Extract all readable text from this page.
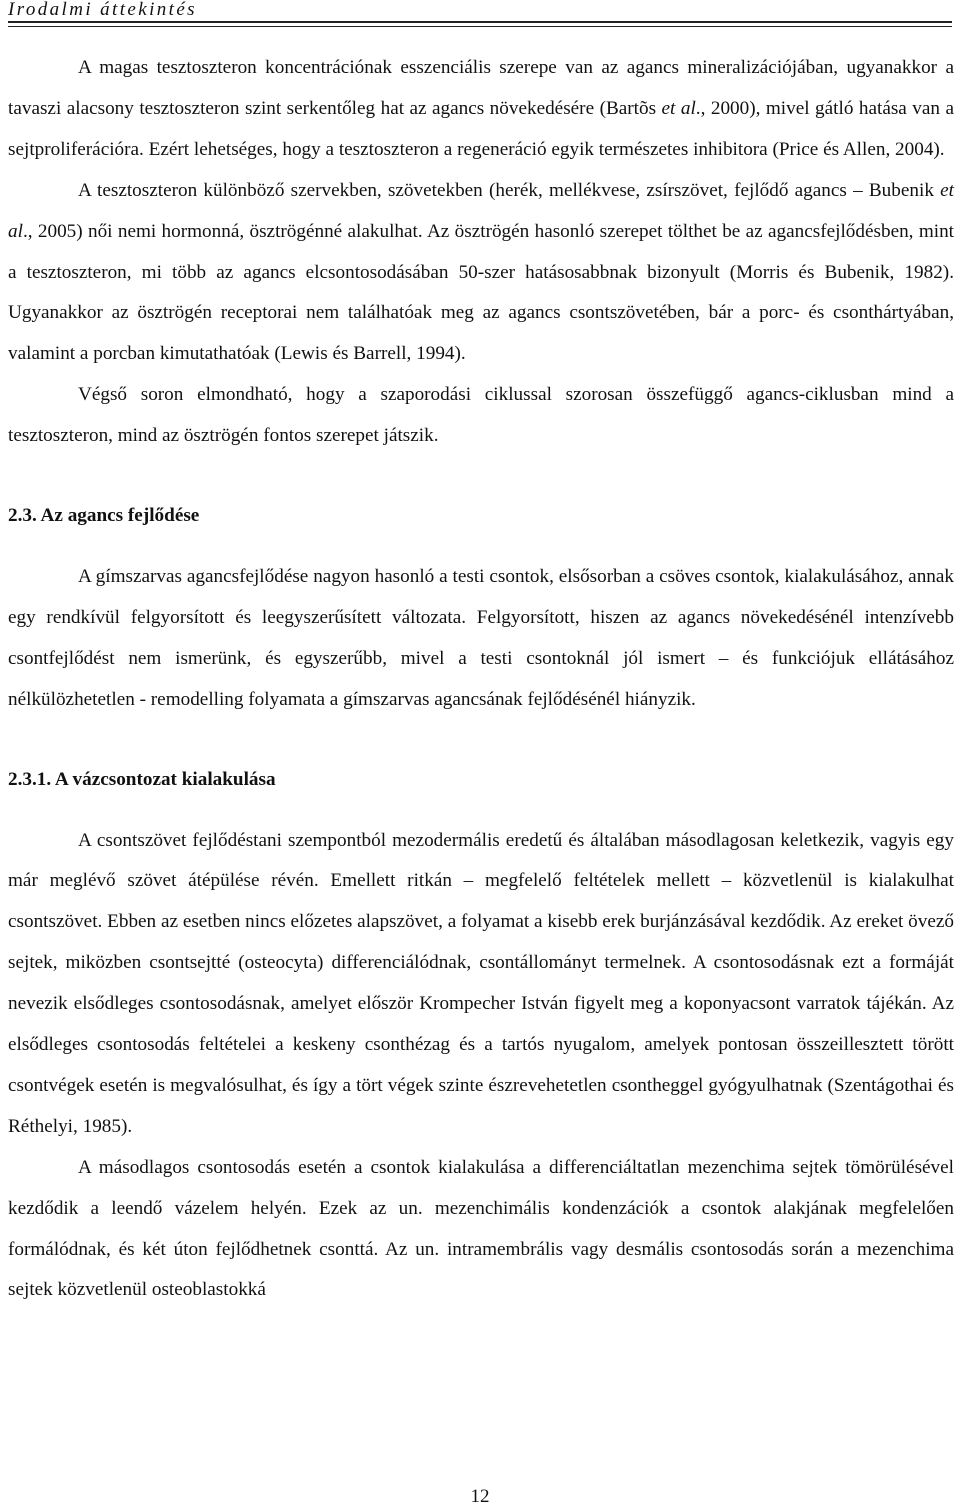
Irodalmi áttekintés

A magas tesztoszteron koncentrációnak esszenciális szerepe van az agancs mineralizációjában, ugyanakkor a tavaszi alacsony tesztoszteron szint serkentőleg hat az agancs növekedésére (Bartõs et al., 2000), mivel gátló hatása van a sejtproliferációra. Ezért lehetséges, hogy a tesztoszteron a regeneráció egyik természetes inhibitora (Price és Allen, 2004).

A tesztoszteron különböző szervekben, szövetekben (herék, mellékvese, zsírszövet, fejlődő agancs – Bubenik et al., 2005) női nemi hormonná, ösztrögénné alakulhat. Az ösztrögén hasonló szerepet tölthet be az agancsfejlődésben, mint a tesztoszteron, mi több az agancs elcsontosodásában 50-szer hatásosabbnak bizonyult (Morris és Bubenik, 1982). Ugyanakkor az ösztrögén receptorai nem találhatóak meg az agancs csontszövetében, bár a porc- és csonthártyában, valamint a porcban kimutathatóak (Lewis és Barrell, 1994).

Végső soron elmondható, hogy a szaporodási ciklussal szorosan összefüggő agancs-ciklusban mind a tesztoszteron, mind az ösztrögén fontos szerepet játszik.

2.3. Az agancs fejlődése

A gímszarvas agancsfejlődése nagyon hasonló a testi csontok, elsősorban a csöves csontok, kialakulásához, annak egy rendkívül felgyorsított és leegyszerűsített változata. Felgyorsított, hiszen az agancs növekedésénél intenzívebb csontfejlődést nem ismerünk, és egyszerűbb, mivel a testi csontoknál jól ismert – és funkciójuk ellátásához nélkülözhetetlen - remodelling folyamata a gímszarvas agancsának fejlődésénél hiányzik.

2.3.1. A vázcsontozat kialakulása

A csontszövet fejlődéstani szempontból mezodermális eredetű és általában másodlagosan keletkezik, vagyis egy már meglévő szövet átépülése révén. Emellett ritkán – megfelelő feltételek mellett – közvetlenül is kialakulhat csontszövet. Ebben az esetben nincs előzetes alapszövet, a folyamat a kisebb erek burjánzásával kezdődik. Az ereket övező sejtek, miközben csontsejtté (osteocyta) differenciálódnak, csontállományt termelnek. A csontosodásnak ezt a formáját nevezik elsődleges csontosodásnak, amelyet először Krompecher István figyelt meg a koponyacsont varratok tájékán. Az elsődleges csontosodás feltételei a keskeny csonthézag és a tartós nyugalom, amelyek pontosan összeillesztett törött csontvégek esetén is megvalósulhat, és így a tört végek szinte észrevehetetlen csontheggel gyógyulhatnak (Szentágothai és Réthelyi, 1985).

A másodlagos csontosodás esetén a csontok kialakulása a differenciáltatlan mezenchima sejtek tömörülésével kezdődik a leendő vázelem helyén. Ezek az un. mezenchimális kondenzációk a csontok alakjának megfelelően formálódnak, és két úton fejlődhetnek csonttá. Az un. intramembrális vagy desmális csontosodás során a mezenchima sejtek közvetlenül osteoblastokká

12
